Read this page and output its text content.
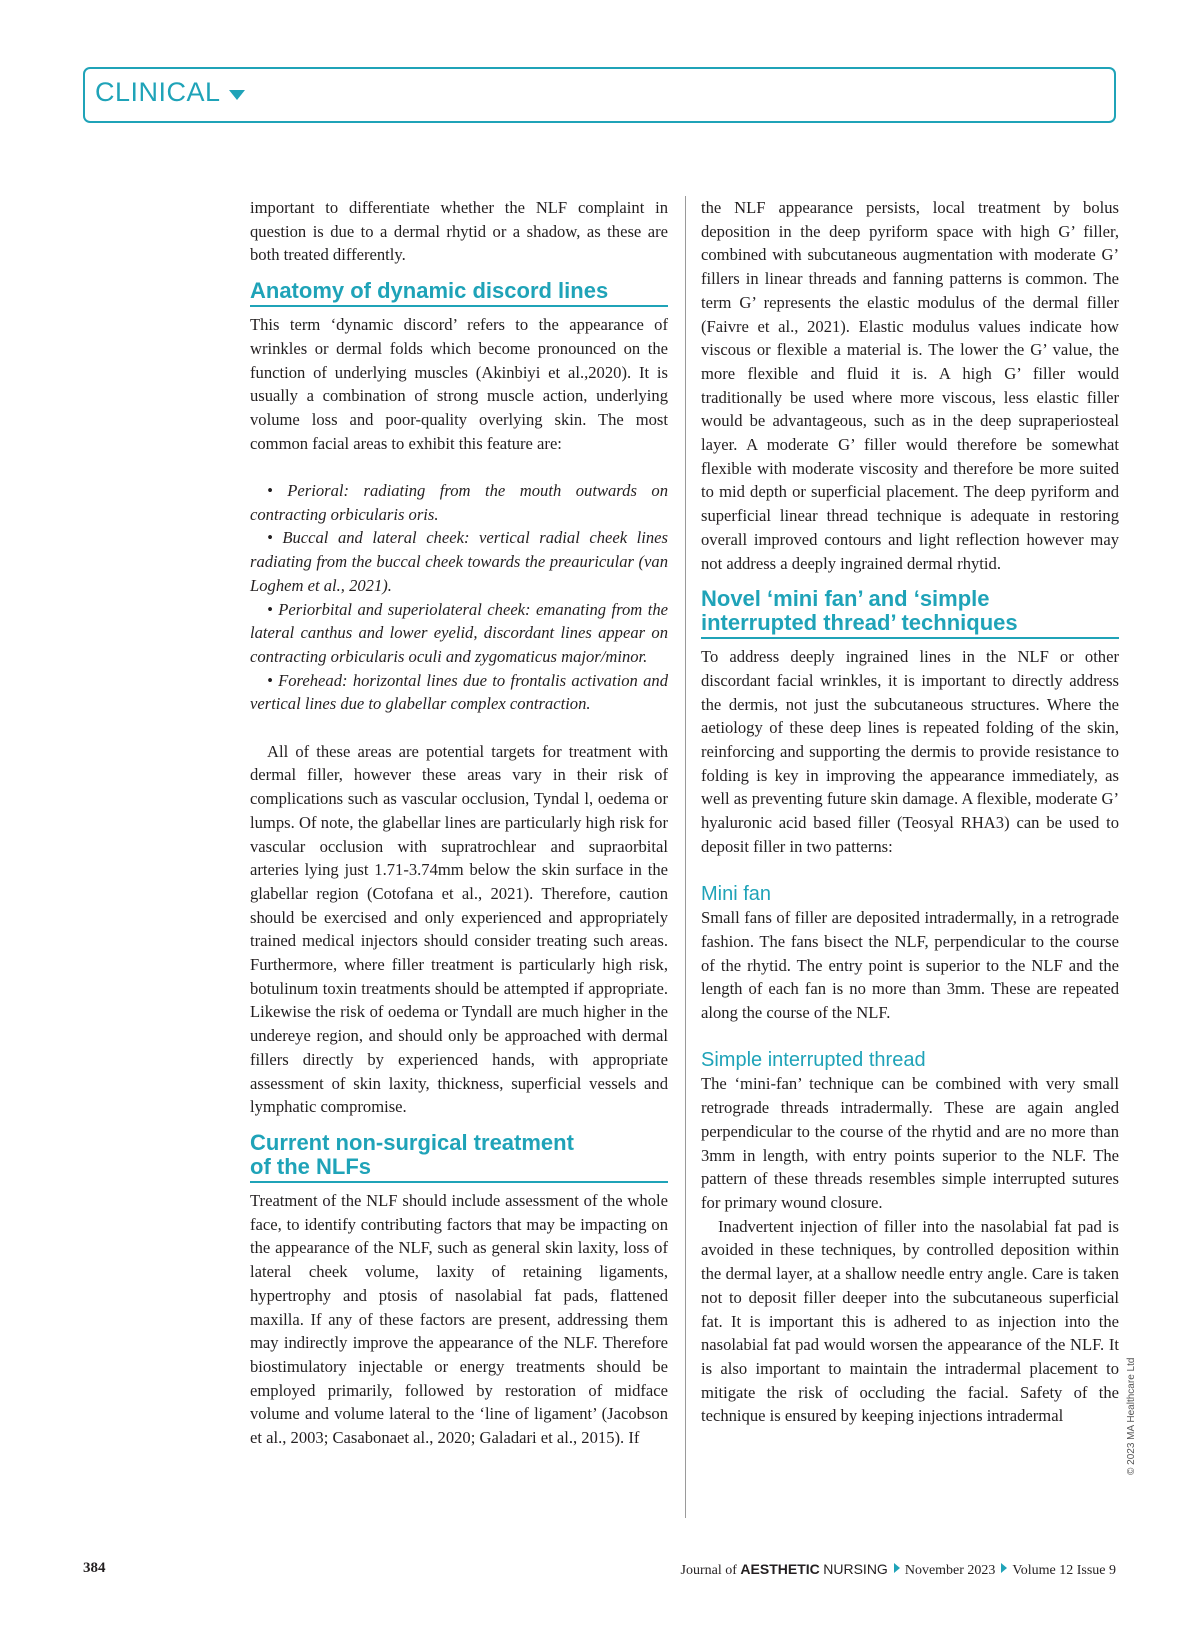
CLINICAL

important to differentiate whether the NLF complaint in question is due to a dermal rhytid or a shadow, as these are both treated differently.

Anatomy of dynamic discord lines

This term ‘dynamic discord’ refers to the appearance of wrinkles or dermal folds which become pronounced on the function of underlying muscles (Akinbiyi et al.,2020). It is usually a combination of strong muscle action, underlying volume loss and poor-quality overlying skin. The most common facial areas to exhibit this feature are:

• Perioral: radiating from the mouth outwards on contracting orbicularis oris.

• Buccal and lateral cheek: vertical radial cheek lines radiating from the buccal cheek towards the preauricular (van Loghem et al., 2021).

• Periorbital and superiolateral cheek: emanating from the lateral canthus and lower eyelid, discordant lines appear on contracting orbicularis oculi and zygomaticus major/minor.

• Forehead: horizontal lines due to frontalis activation and vertical lines due to glabellar complex contraction.

All of these areas are potential targets for treatment with dermal filler, however these areas vary in their risk of complications such as vascular occlusion, Tyndal l, oedema or lumps. Of note, the glabellar lines are particularly high risk for vascular occlusion with supratrochlear and supraorbital arteries lying just 1.71-3.74mm below the skin surface in the glabellar region (Cotofana et al., 2021). Therefore, caution should be exercised and only experienced and appropriately trained medical injectors should consider treating such areas. Furthermore, where filler treatment is particularly high risk, botulinum toxin treatments should be attempted if appropriate. Likewise the risk of oedema or Tyndall are much higher in the undereye region, and should only be approached with dermal fillers directly by experienced hands, with appropriate assessment of skin laxity, thickness, superficial vessels and lymphatic compromise.

Current non-surgical treatment
of the NLFs

Treatment of the NLF should include assessment of the whole face, to identify contributing factors that may be impacting on the appearance of the NLF, such as general skin laxity, loss of lateral cheek volume, laxity of retaining ligaments, hypertrophy and ptosis of nasolabial fat pads, flattened maxilla. If any of these factors are present, addressing them may indirectly improve the appearance of the NLF. Therefore biostimulatory injectable or energy treatments should be employed primarily, followed by restoration of midface volume and volume lateral to the ‘line of ligament’ (Jacobson et al., 2003; Casabonaet al., 2020; Galadari et al., 2015). If

the NLF appearance persists, local treatment by bolus deposition in the deep pyriform space with high G’ filler, combined with subcutaneous augmentation with moderate G’ fillers in linear threads and fanning patterns is common. The term G’ represents the elastic modulus of the dermal filler (Faivre et al., 2021). Elastic modulus values indicate how viscous or flexible a material is. The lower the G’ value, the more flexible and fluid it is. A high G’ filler would traditionally be used where more viscous, less elastic filler would be advantageous, such as in the deep supraperiosteal layer. A moderate G’ filler would therefore be somewhat flexible with moderate viscosity and therefore be more suited to mid depth or superficial placement. The deep pyriform and superficial linear thread technique is adequate in restoring overall improved contours and light reflection however may not address a deeply ingrained dermal rhytid.

Novel ‘mini fan’ and ‘simple
interrupted thread’ techniques

To address deeply ingrained lines in the NLF or other discordant facial wrinkles, it is important to directly address the dermis, not just the subcutaneous structures. Where the aetiology of these deep lines is repeated folding of the skin, reinforcing and supporting the dermis to provide resistance to folding is key in improving the appearance immediately, as well as preventing future skin damage. A flexible, moderate G’ hyaluronic acid based filler (Teosyal RHA3) can be used to deposit filler in two patterns:

Mini fan

Small fans of filler are deposited intradermally, in a retrograde fashion. The fans bisect the NLF, perpendicular to the course of the rhytid. The entry point is superior to the NLF and the length of each fan is no more than 3mm. These are repeated along the course of the NLF.

Simple interrupted thread

The ‘mini-fan’ technique can be combined with very small retrograde threads intradermally. These are again angled perpendicular to the course of the rhytid and are no more than 3mm in length, with entry points superior to the NLF. The pattern of these threads resembles simple interrupted sutures for primary wound closure.

Inadvertent injection of filler into the nasolabial fat pad is avoided in these techniques, by controlled deposition within the dermal layer, at a shallow needle entry angle. Care is taken not to deposit filler deeper into the subcutaneous superficial fat. It is important this is adhered to as injection into the nasolabial fat pad would worsen the appearance of the NLF. It is also important to maintain the intradermal placement to mitigate the risk of occluding the facial. Safety of the technique is ensured by keeping injections intradermal	© 2023 MA Healthcare Ltd
384	Journal of AESTHETIC NURSING November 2023 Volume 12 Issue 9
